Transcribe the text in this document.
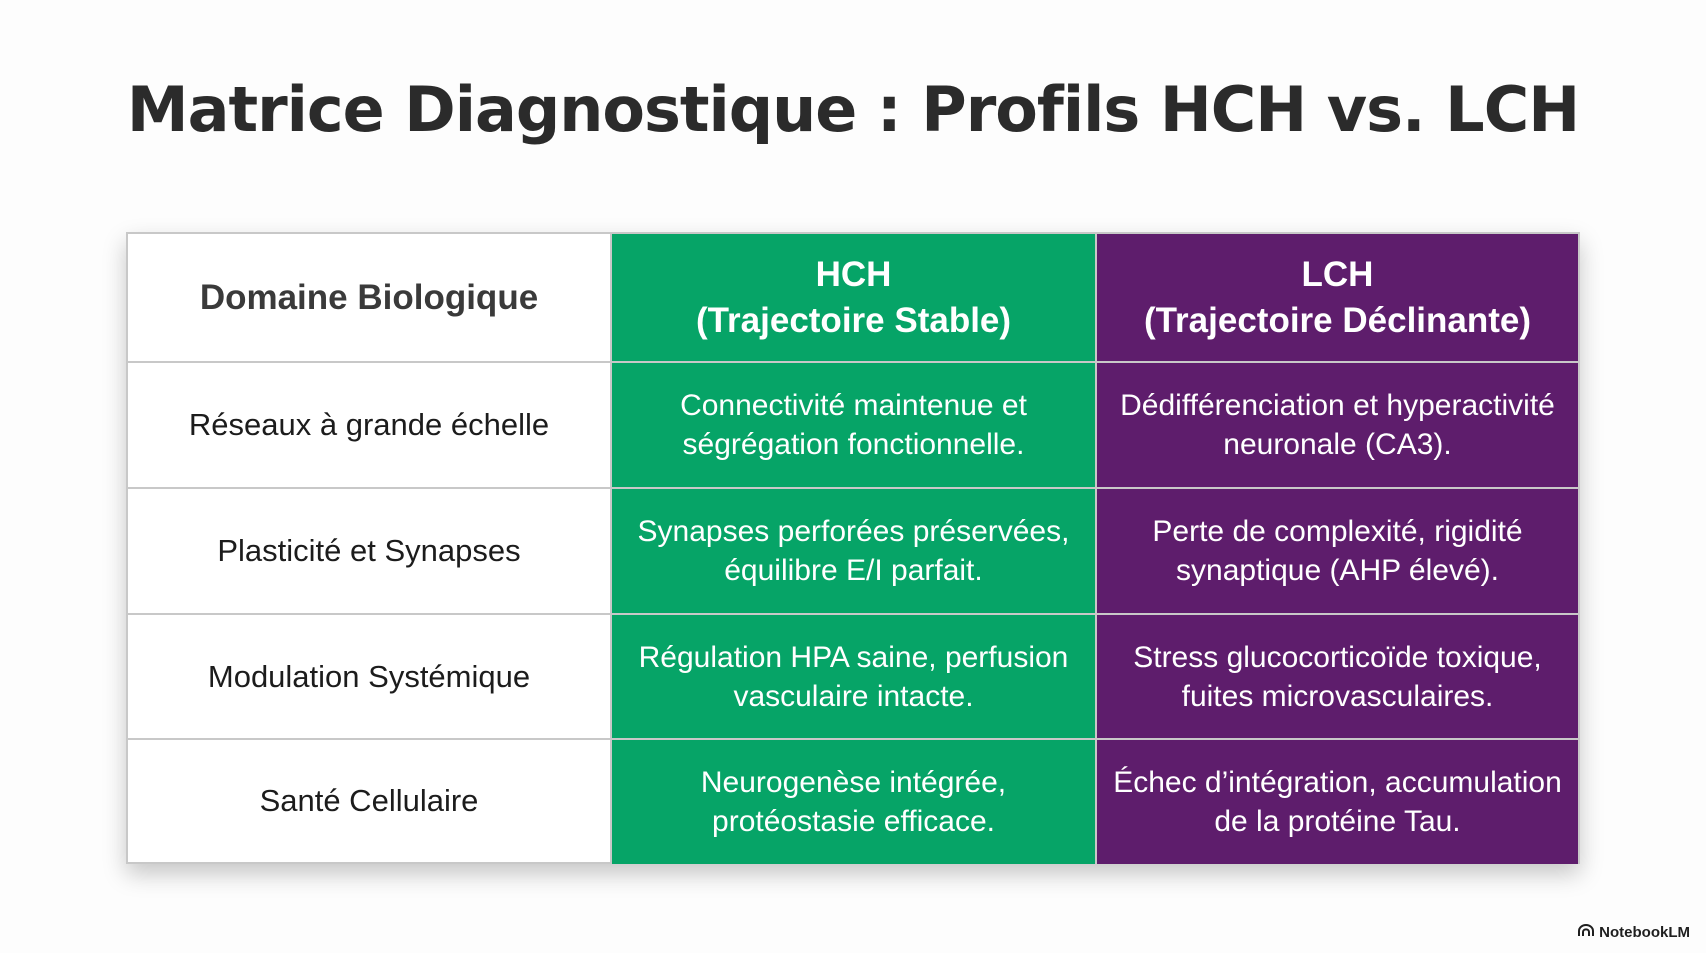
Matrice Diagnostique : Profils HCH vs. LCH
Domaine Biologique
HCH
(Trajectoire Stable)
LCH
(Trajectoire Déclinante)
Réseaux à grande échelle
Connectivité maintenue et ségrégation fonctionnelle.
Dédifférenciation et hyperactivité neuronale (CA3).
Plasticité et Synapses
Synapses perforées préservées, équilibre E/I parfait.
Perte de complexité, rigidité synaptique (AHP élevé).
Modulation Systémique
Régulation HPA saine, perfusion vasculaire intacte.
Stress glucocorticoïde toxique, fuites microvasculaires.
Santé Cellulaire
Neurogenèse intégrée, protéostasie efficace.
Échec d’intégration, accumulation de la protéine Tau.
NotebookLM
